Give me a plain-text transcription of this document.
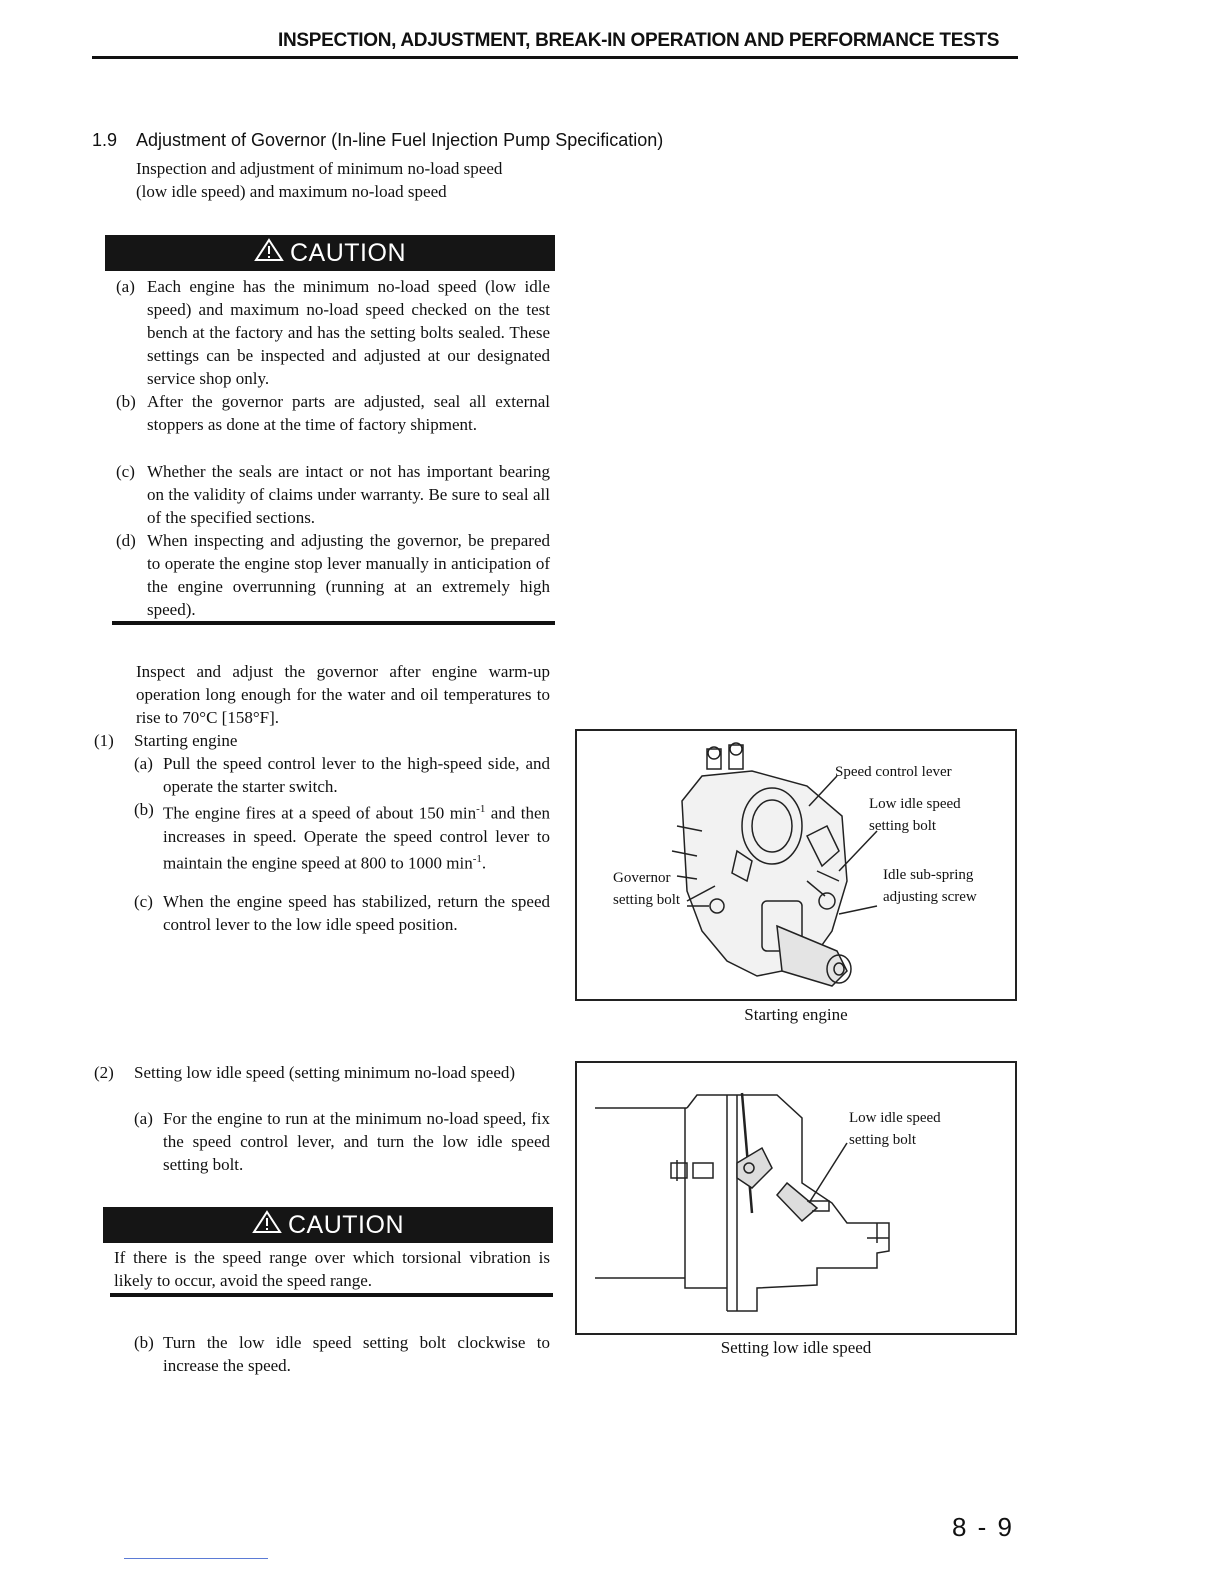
INSPECTION, ADJUSTMENT, BREAK-IN OPERATION AND PERFORMANCE TESTS
1.9 Adjustment of Governor (In-line Fuel Injection Pump Specification)
Inspection and adjustment of minimum no-load speed
(low idle speed) and maximum no-load speed
CAUTION
(a) Each engine has the minimum no-load speed (low idle speed) and maximum no-load speed checked on the test bench at the factory and has the setting bolts sealed. These settings can be inspected and adjusted at our designated service shop only.
(b) After the governor parts are adjusted, seal all external stoppers as done at the time of factory shipment.
(c) Whether the seals are intact or not has important bearing on the validity of claims under warranty. Be sure to seal all of the specified sections.
(d) When inspecting and adjusting the governor, be prepared to operate the engine stop lever manually in anticipation of the engine overrunning (running at an extremely high speed).
Inspect and adjust the governor after engine warm-up operation long enough for the water and oil temperatures to rise to 70°C [158°F].
(1)	Starting engine
(a) Pull the speed control lever to the high-speed side, and operate the starter switch.
(b) The engine fires at a speed of about 150 $\min^{-1}$ and then increases in speed. Operate the speed control lever to maintain the engine speed at 800 to 1000 $\min^{-1}$.
(c) When the engine speed has stabilized, return the speed control lever to the low idle speed position.
Speed control lever
Low idle speed
setting bolt
Idle sub-spring
adjusting screw
Governor
setting bolt
Starting engine
(2)	Setting low idle speed (setting minimum no-load speed)
(a) For the engine to run at the minimum no-load speed, fix the speed control lever, and turn the low idle speed setting bolt.
CAUTION
If there is the speed range over which torsional vibration is likely to occur, avoid the speed range.
(b) Turn the low idle speed setting bolt clockwise to increase the speed.
Low idle speed
setting bolt
Setting low idle speed
8 - 9
